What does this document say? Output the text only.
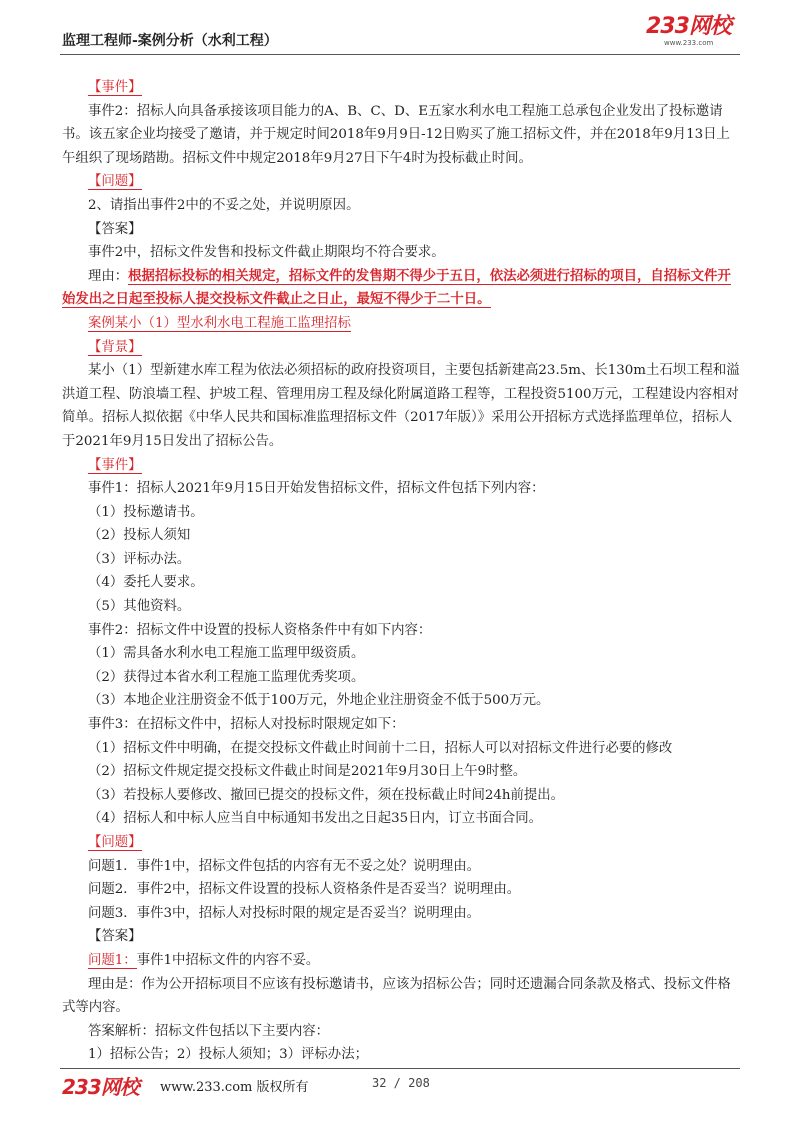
监理工程师-案例分析（水利工程）
233网校
www.233.com

【事件】

事件2：招标人向具备承接该项目能力的A、B、C、D、E五家水利水电工程施工总承包企业发出了投标邀请书。该五家企业均接受了邀请，并于规定时间2018年9月9日-12日购买了施工招标文件，并在2018年9月13日上午组织了现场踏勘。招标文件中规定2018年9月27日下午4时为投标截止时间。

【问题】

2、请指出事件2中的不妥之处，并说明原因。

【答案】

事件2中，招标文件发售和投标文件截止期限均不符合要求。

理由：根据招标投标的相关规定，招标文件的发售期不得少于五日，依法必须进行招标的项目，自招标文件开始发出之日起至投标人提交投标文件截止之日止，最短不得少于二十日。

案例某小（1）型水利水电工程施工监理招标

【背景】

某小（1）型新建水库工程为依法必须招标的政府投资项目，主要包括新建高23.5m、长130m土石坝工程和溢洪道工程、防浪墙工程、护坡工程、管理用房工程及绿化附属道路工程等，工程投资5100万元，工程建设内容相对简单。招标人拟依据《中华人民共和国标准监理招标文件（2017年版）》采用公开招标方式选择监理单位，招标人于2021年9月15日发出了招标公告。

【事件】

事件1：招标人2021年9月15日开始发售招标文件，招标文件包括下列内容：

（1）投标邀请书。

（2）投标人须知

（3）评标办法。

（4）委托人要求。

（5）其他资料。

事件2：招标文件中设置的投标人资格条件中有如下内容：

（1）需具备水利水电工程施工监理甲级资质。

（2）获得过本省水利工程施工监理优秀奖项。

（3）本地企业注册资金不低于100万元，外地企业注册资金不低于500万元。

事件3：在招标文件中，招标人对投标时限规定如下：

（1）招标文件中明确，在提交投标文件截止时间前十二日，招标人可以对招标文件进行必要的修改

（2）招标文件规定提交投标文件截止时间是2021年9月30日上午9时整。

（3）若投标人要修改、撤回已提交的投标文件，须在投标截止时间24h前提出。

（4）招标人和中标人应当自中标通知书发出之日起35日内，订立书面合同。

【问题】

问题1．事件1中，招标文件包括的内容有无不妥之处？说明理由。

问题2．事件2中，招标文件设置的投标人资格条件是否妥当？说明理由。

问题3．事件3中，招标人对投标时限的规定是否妥当？说明理由。

【答案】

问题1：事件1中招标文件的内容不妥。

理由是：作为公开招标项目不应该有投标邀请书，应该为招标公告；同时还遗漏合同条款及格式、投标文件格式等内容。

答案解析：招标文件包括以下主要内容：

1）招标公告；2）投标人须知；3）评标办法；

233网校 www.233.com 版权所有	32 / 208
